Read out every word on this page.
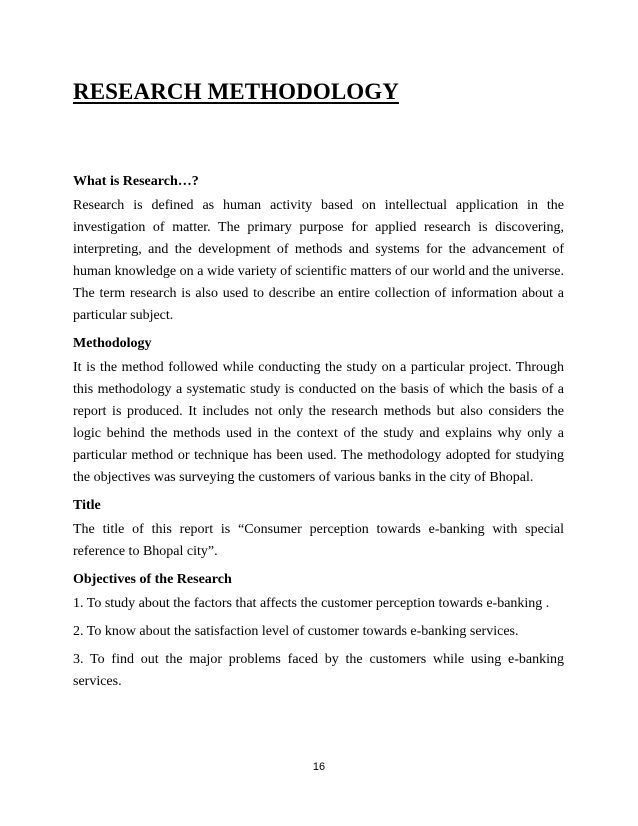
RESEARCH METHODOLOGY
What is Research…?

Research is defined as human activity based on intellectual application in the investigation of matter. The primary purpose for applied research is discovering, interpreting, and the development of methods and systems for the advancement of human knowledge on a wide variety of scientific matters of our world and the universe. The term research is also used to describe an entire collection of information about a particular subject.

Methodology

It is the method followed while conducting the study on a particular project. Through this methodology a systematic study is conducted on the basis of which the basis of a report is produced. It includes not only the research methods but also considers the logic behind the methods used in the context of the study and explains why only a particular method or technique has been used. The methodology adopted for studying the objectives was surveying the customers of various banks in the city of Bhopal.

Title

The title of this report is “Consumer perception towards e-banking with special reference to Bhopal city”.

Objectives of the Research

1. To study about the factors that affects the customer perception towards e-banking .

2. To know about the satisfaction level of customer towards e-banking services.

3. To find out the major problems faced by the customers while using e-banking services.

16
